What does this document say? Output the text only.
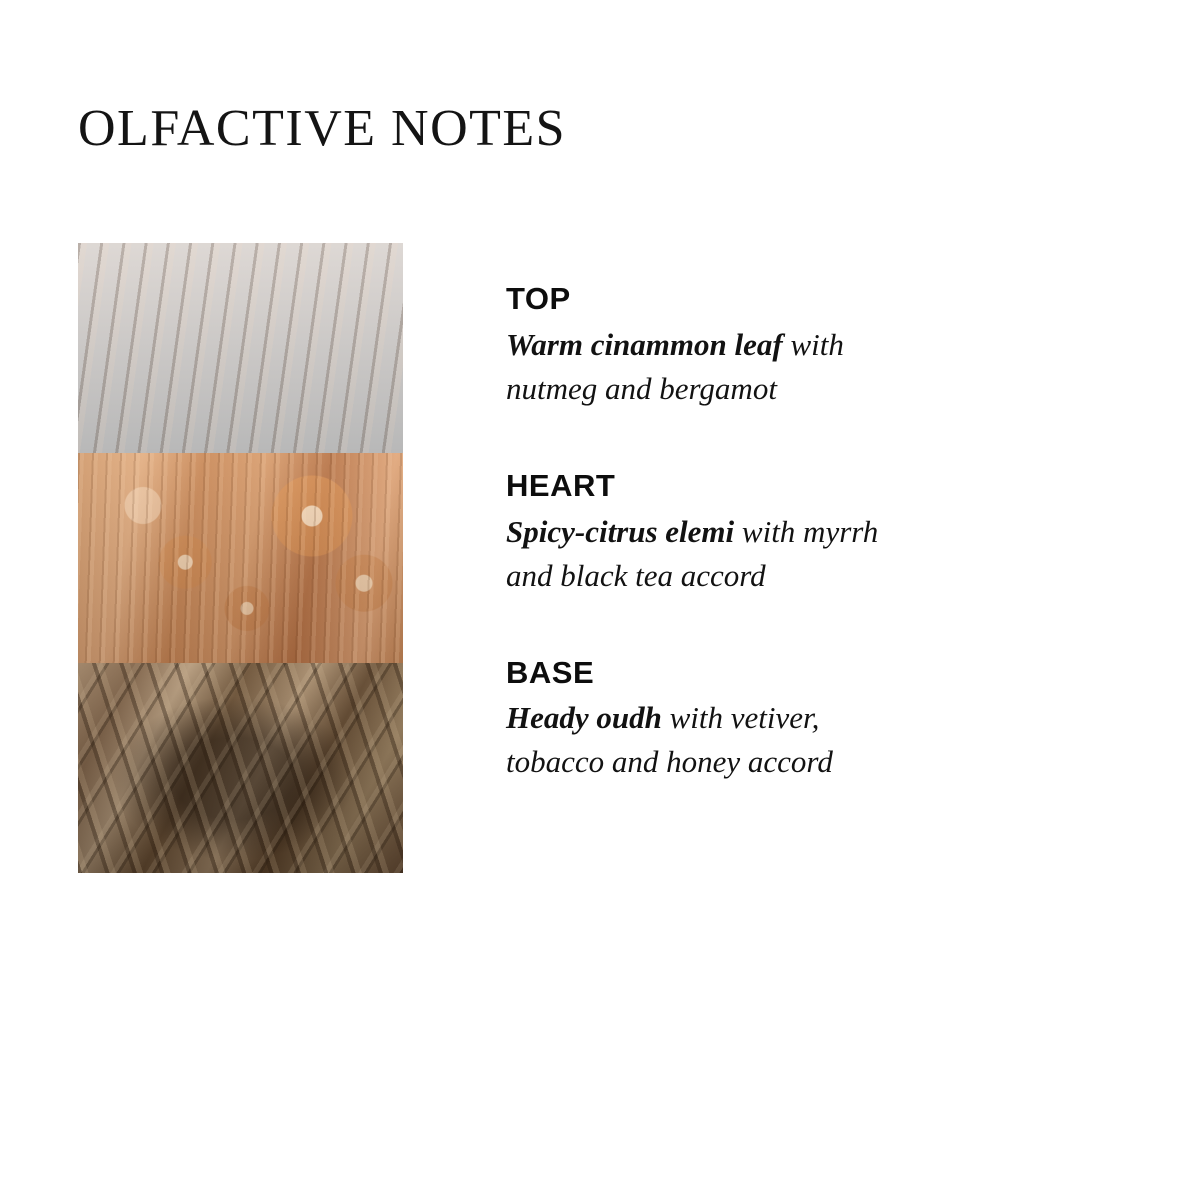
OLFACTIVE NOTES
TOP
Warm cinammon leaf with nutmeg and bergamot
HEART
Spicy-citrus elemi with myrrh and black tea accord
BASE
Heady oudh with vetiver, tobacco and honey accord
